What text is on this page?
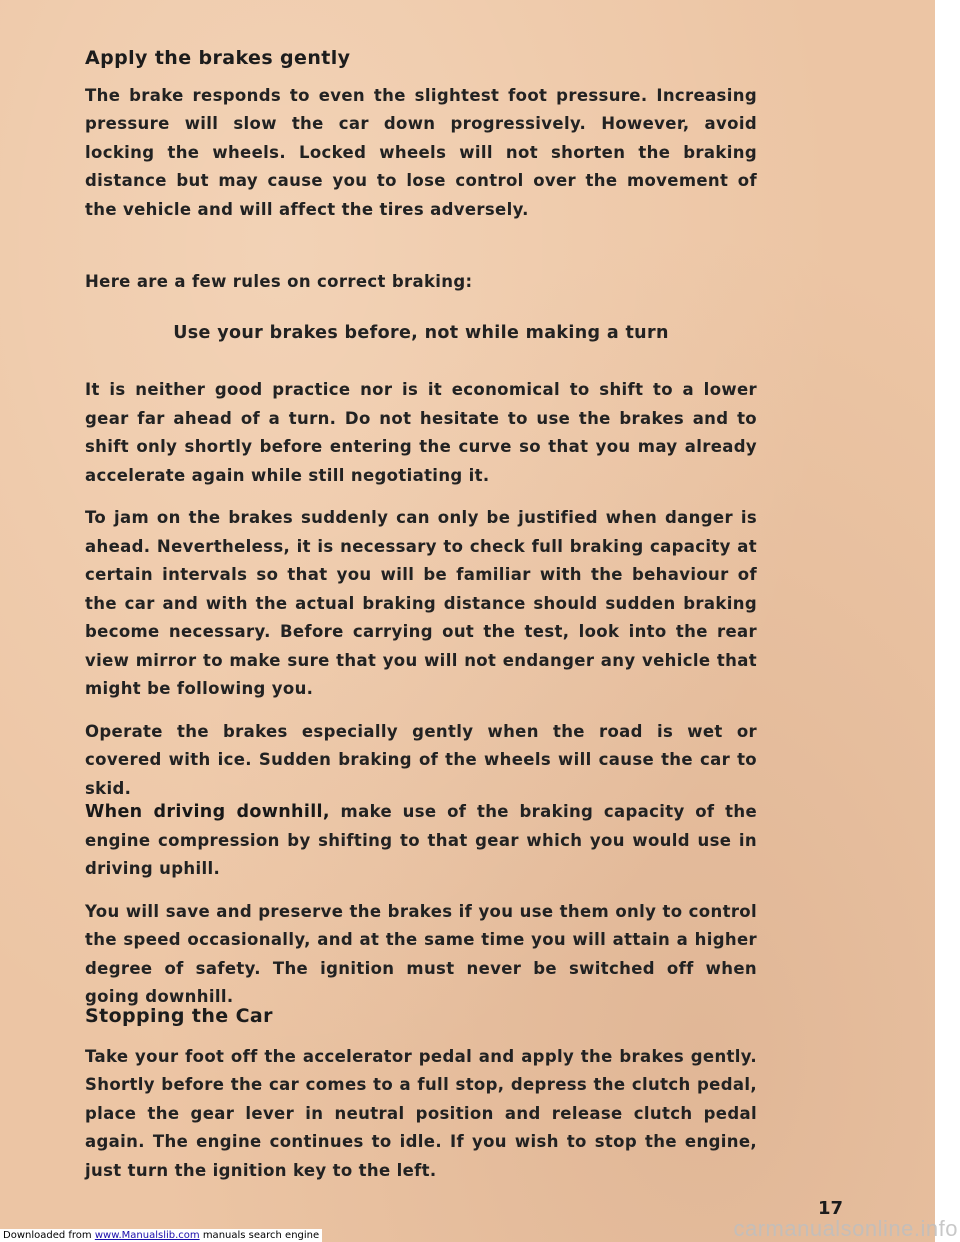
Apply the brakes gently

The brake responds to even the slightest foot pressure. Increasing pressure will slow the car down progressively. However, avoid locking the wheels. Locked wheels will not shorten the braking distance but may cause you to lose control over the movement of the vehicle and will affect the tires adversely.

Here are a few rules on correct braking:

Use your brakes before, not while making a turn

It is neither good practice nor is it economical to shift to a lower gear far ahead of a turn. Do not hesitate to use the brakes and to shift only shortly before entering the curve so that you may already accelerate again while still negotiating it.

To jam on the brakes suddenly can only be justified when danger is ahead. Nevertheless, it is necessary to check full braking capacity at certain intervals so that you will be familiar with the behaviour of the car and with the actual braking distance should sudden braking become necessary. Before carrying out the test, look into the rear view mirror to make sure that you will not endanger any vehicle that might be following you.

Operate the brakes especially gently when the road is wet or covered with ice. Sudden braking of the wheels will cause the car to skid.

When driving downhill, make use of the braking capacity of the engine compression by shifting to that gear which you would use in driving uphill.

You will save and preserve the brakes if you use them only to control the speed occasionally, and at the same time you will attain a higher degree of safety. The ignition must never be switched off when going downhill.

Stopping the Car

Take your foot off the accelerator pedal and apply the brakes gently. Shortly before the car comes to a full stop, depress the clutch pedal, place the gear lever in neutral position and release clutch pedal again. The engine continues to idle. If you wish to stop the engine, just turn the ignition key to the left.

17
Downloaded from www.Manualslib.com manuals search engine	carmanualsonline.info
